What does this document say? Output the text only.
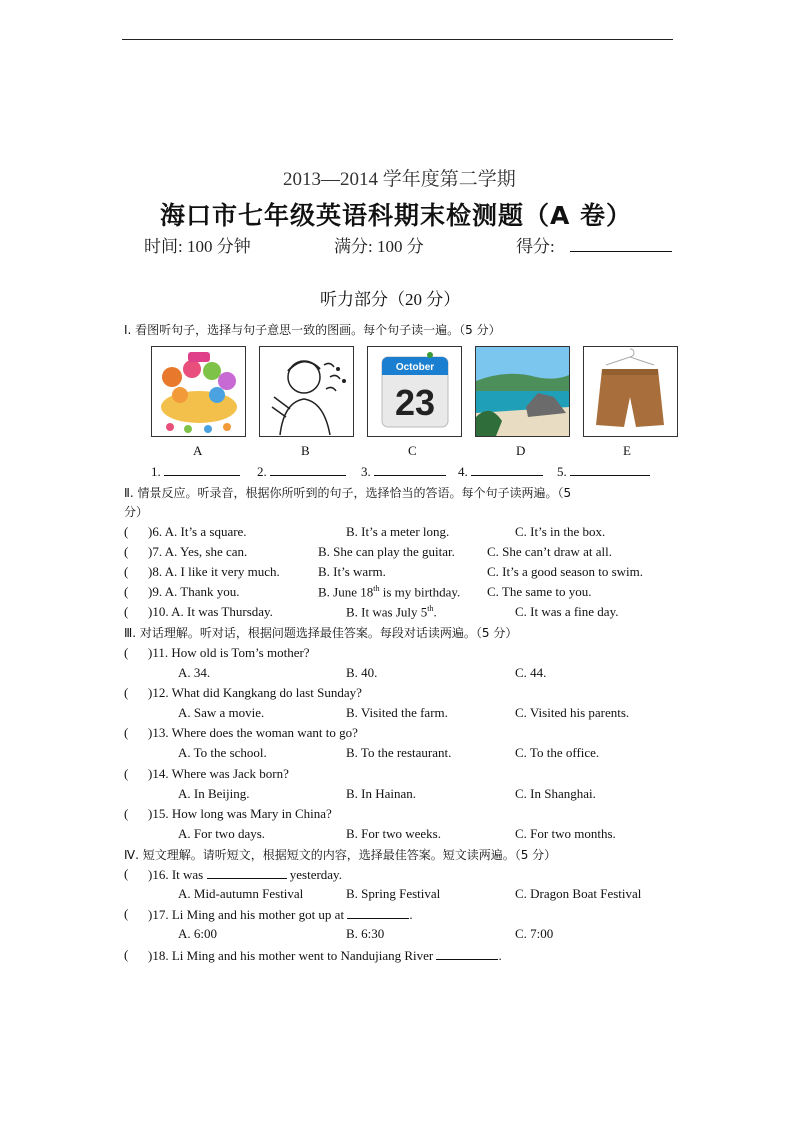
2013—2014 学年度第二学期
海口市七年级英语科期末检测题（A 卷）
时间: 100 分钟	满分: 100 分	得分:
听力部分（20 分）
Ⅰ. 看图听句子，选择与句子意思一致的图画。每个句子读一遍。（5 分）
October
23
A	B	C	D	E
1.	2.	3.	4.	5.
Ⅱ. 情景反应。听录音，根据你所听到的句子，选择恰当的答语。每个句子读两遍。（5
分）
( )6. A. It’s a square.	B. It’s a meter long.	C. It’s in the box.
( )7. A. Yes, she can.	B. She can play the guitar. C. She can’t draw at all.
( )8. A. I like it very much.	B. It’s warm.	C. It’s a good season to swim.
( )9. A. Thank you.	B. June 18th is my birthday. C. The same to you.
( )10. A. It was Thursday.	B. It was July 5th.	C. It was a fine day.
Ⅲ. 对话理解。听对话，根据问题选择最佳答案。每段对话读两遍。（5 分）
( )11. How old is Tom’s mother?
A. 34.	B. 40.	C. 44.
( )12. What did Kangkang do last Sunday?
A. Saw a movie.	B. Visited the farm.	C. Visited his parents.
( )13. Where does the woman want to go?
A. To the school.	B. To the restaurant.	C. To the office.
( )14. Where was Jack born?
A. In Beijing.	B. In Hainan.	C. In Shanghai.
( )15. How long was Mary in China?
A. For two days.	B. For two weeks.	C. For two months.
Ⅳ. 短文理解。请听短文，根据短文的内容，选择最佳答案。短文读两遍。（5 分）
( )16. It was	yesterday.
A. Mid-autumn Festival	B. Spring Festival	C. Dragon Boat Festival
( )17. Li Ming and his mother got up at	.
A. 6:00	B. 6:30	C. 7:00
( )18. Li Ming and his mother went to Nandujiang River	.
